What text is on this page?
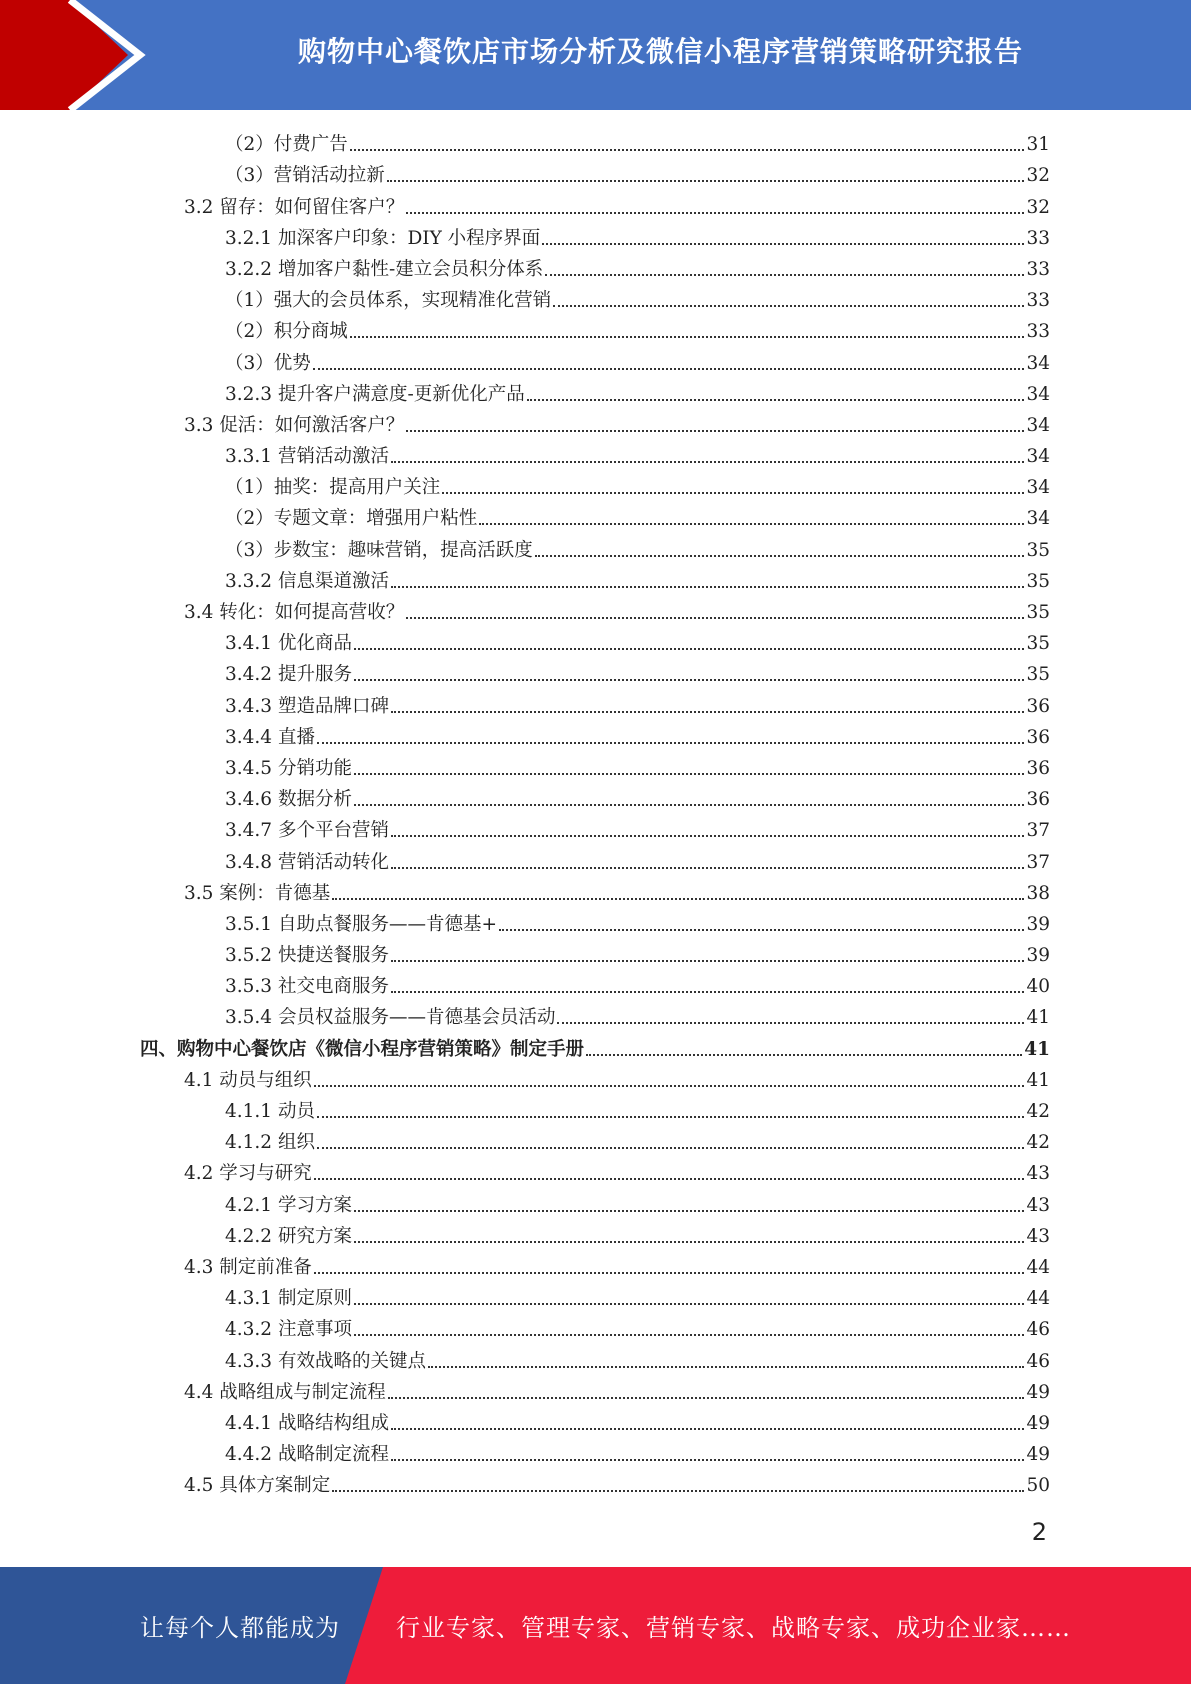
购物中心餐饮店市场分析及微信小程序营销策略研究报告
（2）付费广告	31
（3）营销活动拉新	32
3.2 留存：如何留住客户？	32
3.2.1 加深客户印象：DIY 小程序界面	33
3.2.2 增加客户黏性-建立会员积分体系	33
（1）强大的会员体系，实现精准化营销	33
（2）积分商城	33
（3）优势	34
3.2.3 提升客户满意度-更新优化产品	34
3.3 促活：如何激活客户？	34
3.3.1 营销活动激活	34
（1）抽奖：提高用户关注	34
（2）专题文章：增强用户粘性	34
（3）步数宝：趣味营销，提高活跃度	35
3.3.2 信息渠道激活	35
3.4 转化：如何提高营收？	35
3.4.1 优化商品	35
3.4.2 提升服务	35
3.4.3 塑造品牌口碑	36
3.4.4 直播	36
3.4.5 分销功能	36
3.4.6 数据分析	36
3.4.7 多个平台营销	37
3.4.8 营销活动转化	37
3.5 案例：肯德基	38
3.5.1 自助点餐服务——肯德基+	39
3.5.2 快捷送餐服务	39
3.5.3 社交电商服务	40
3.5.4 会员权益服务——肯德基会员活动	41
四、购物中心餐饮店《微信小程序营销策略》制定手册	41
4.1 动员与组织	41
4.1.1 动员	42
4.1.2 组织	42
4.2 学习与研究	43
4.2.1 学习方案	43
4.2.2 研究方案	43
4.3 制定前准备	44
4.3.1 制定原则	44
4.3.2 注意事项	46
4.3.3 有效战略的关键点	46
4.4 战略组成与制定流程	49
4.4.1 战略结构组成	49
4.4.2 战略制定流程	49
4.5 具体方案制定	50
2
让每个人都能成为 行业专家、管理专家、营销专家、战略专家、成功企业家……
